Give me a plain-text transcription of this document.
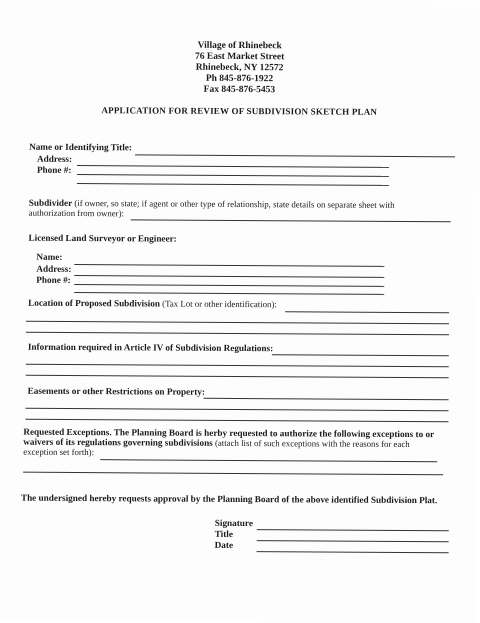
Village of Rhinebeck
76 East Market Street
Rhinebeck, NY 12572
Ph 845-876-1922
Fax 845-876-5453
APPLICATION FOR REVIEW OF SUBDIVISION SKETCH PLAN
Name or Identifying Title:
Address:
Phone #:
Subdivider (if owner, so state; if agent or other type of relationship, state details on separate sheet with
authorization from owner):
Licensed Land Surveyor or Engineer:
Name:
Address:
Phone #:
Location of Proposed Subdivision (Tax Lot or other identification):
Information required in Article IV of Subdivision Regulations:
Easements or other Restrictions on Property:
Requested Exceptions. The Planning Board is herby requested to authorize the following exceptions to or
waivers of its regulations governing subdivisions (attach list of such exceptions with the reasons for each
exception set forth):
The undersigned hereby requests approval by the Planning Board of the above identified Subdivision Plat.
Signature
Title
Date
